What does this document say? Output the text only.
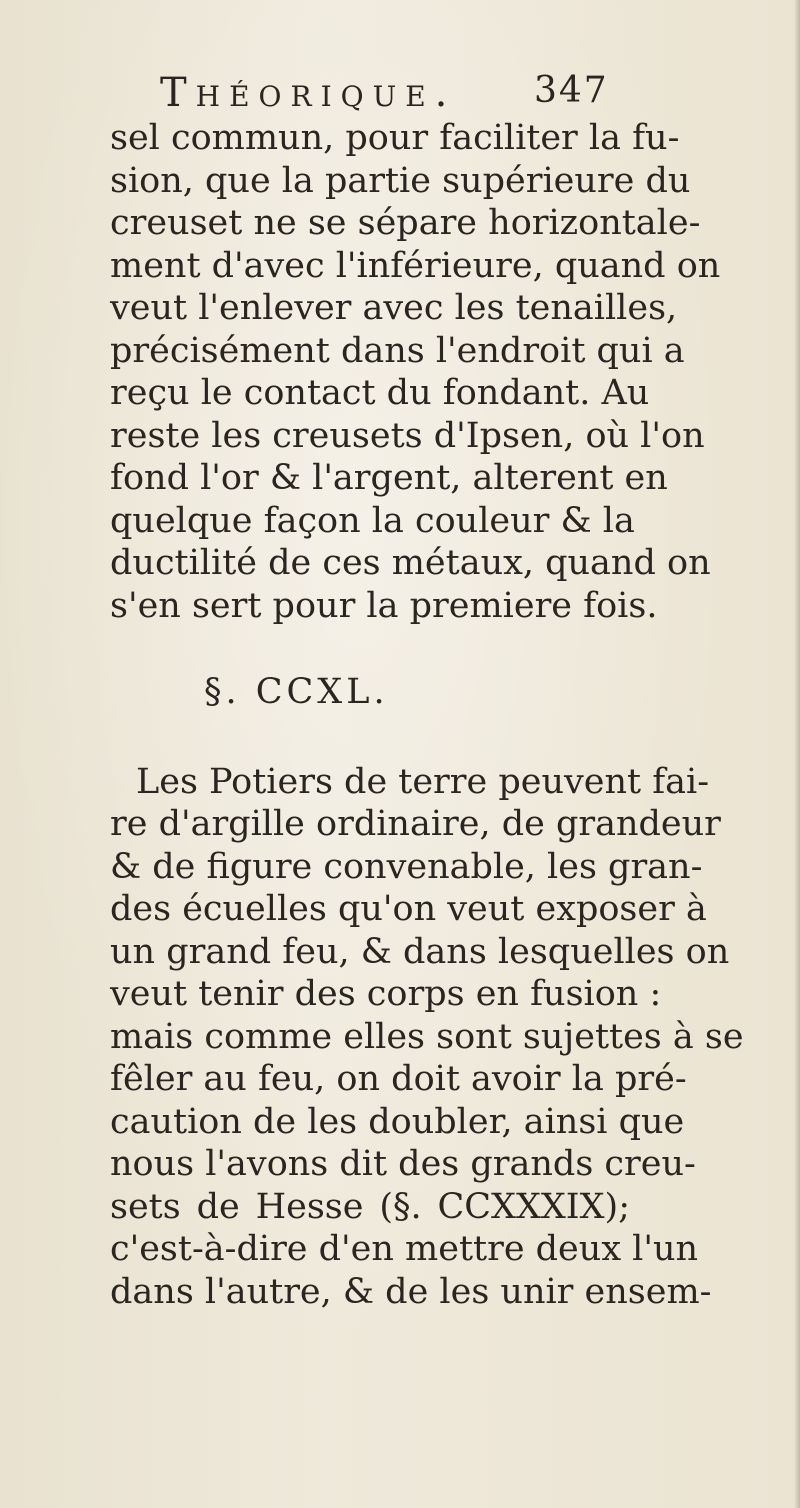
Théorique. 347
sel commun, pour faciliter la fu-
sion, que la partie supérieure du
creuset ne se sépare horizontale-
ment d'avec l'inférieure, quand on
veut l'enlever avec les tenailles,
précisément dans l'endroit qui a
reçu le contact du fondant. Au
reste les creusets d'Ipsen, où l'on
fond l'or & l'argent, alterent en
quelque façon la couleur & la
ductilité de ces métaux, quand on
s'en sert pour la premiere fois.
§. CCXL.
Les Potiers de terre peuvent fai-
re d'argille ordinaire, de grandeur
& de figure convenable, les gran-
des écuelles qu'on veut exposer à
un grand feu, & dans lesquelles on
veut tenir des corps en fusion :
mais comme elles sont sujettes à se
fêler au feu, on doit avoir la pré-
caution de les doubler, ainsi que
nous l'avons dit des grands creu-
sets de Hesse (§. CCXXXIX);
c'est-à-dire d'en mettre deux l'un
dans l'autre, & de les unir ensem-
